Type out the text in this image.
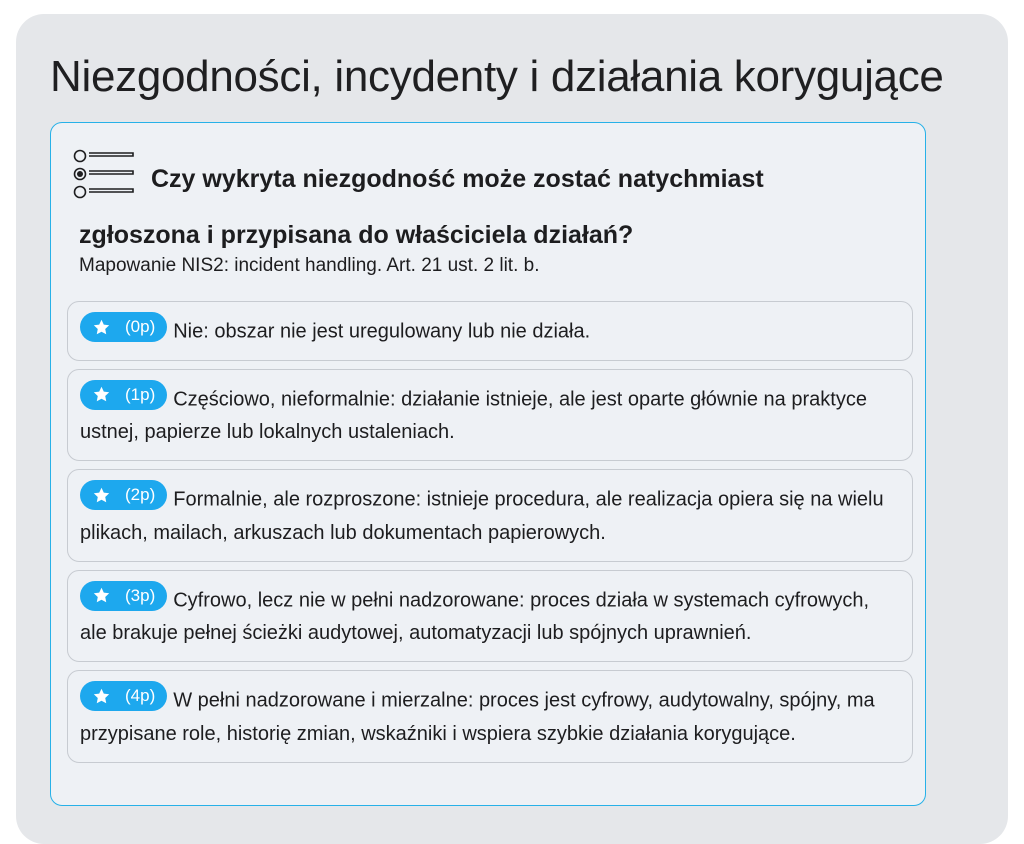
Niezgodności, incydenty i działania korygujące
Czy wykryta niezgodność może zostać natychmiast
zgłoszona i przypisana do właściciela działań?
Mapowanie NIS2: incident handling. Art. 21 ust. 2 lit. b.
(0p) Nie: obszar nie jest uregulowany lub nie działa.
(1p) Częściowo, nieformalnie: działanie istnieje, ale jest oparte głównie na praktyce ustnej, papierze lub lokalnych ustaleniach.
(2p) Formalnie, ale rozproszone: istnieje procedura, ale realizacja opiera się na wielu plikach, mailach, arkuszach lub dokumentach papierowych.
(3p) Cyfrowo, lecz nie w pełni nadzorowane: proces działa w systemach cyfrowych, ale brakuje pełnej ścieżki audytowej, automatyzacji lub spójnych uprawnień.
(4p) W pełni nadzorowane i mierzalne: proces jest cyfrowy, audytowalny, spójny, ma przypisane role, historię zmian, wskaźniki i wspiera szybkie działania korygujące.
